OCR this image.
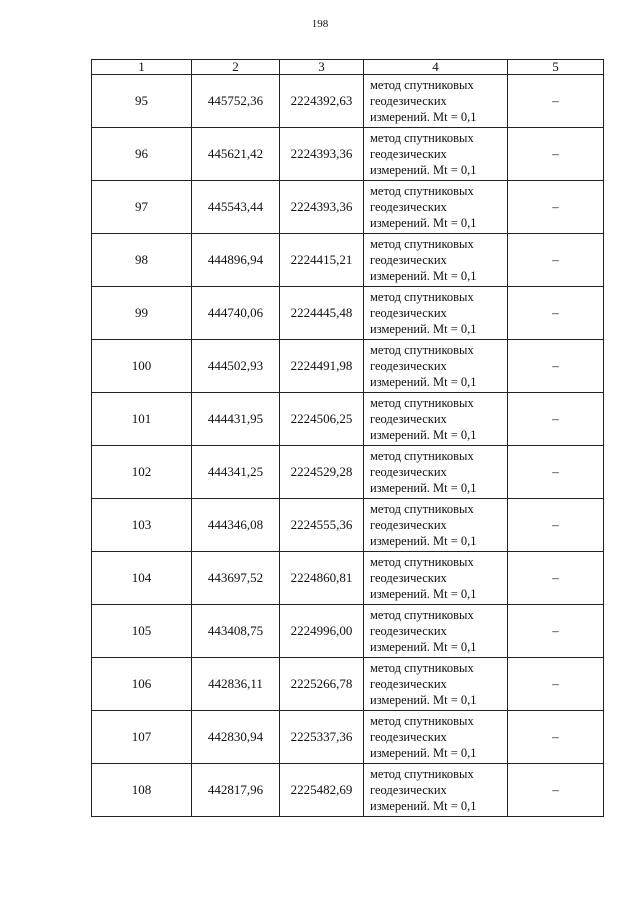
198
1	2	3	4	5
95	445752,36	2224392,63	метод спутниковых
геодезических
измерений. Mt = 0,1	–
96	445621,42	2224393,36	метод спутниковых
геодезических
измерений. Mt = 0,1	–
97	445543,44	2224393,36	метод спутниковых
геодезических
измерений. Mt = 0,1	–
98	444896,94	2224415,21	метод спутниковых
геодезических
измерений. Mt = 0,1	–
99	444740,06	2224445,48	метод спутниковых
геодезических
измерений. Mt = 0,1	–
100	444502,93	2224491,98	метод спутниковых
геодезических
измерений. Mt = 0,1	–
101	444431,95	2224506,25	метод спутниковых
геодезических
измерений. Mt = 0,1	–
102	444341,25	2224529,28	метод спутниковых
геодезических
измерений. Mt = 0,1	–
103	444346,08	2224555,36	метод спутниковых
геодезических
измерений. Mt = 0,1	–
104	443697,52	2224860,81	метод спутниковых
геодезических
измерений. Mt = 0,1	–
105	443408,75	2224996,00	метод спутниковых
геодезических
измерений. Mt = 0,1	–
106	442836,11	2225266,78	метод спутниковых
геодезических
измерений. Mt = 0,1	–
107	442830,94	2225337,36	метод спутниковых
геодезических
измерений. Mt = 0,1	–
108	442817,96	2225482,69	метод спутниковых
геодезических
измерений. Mt = 0,1	–
